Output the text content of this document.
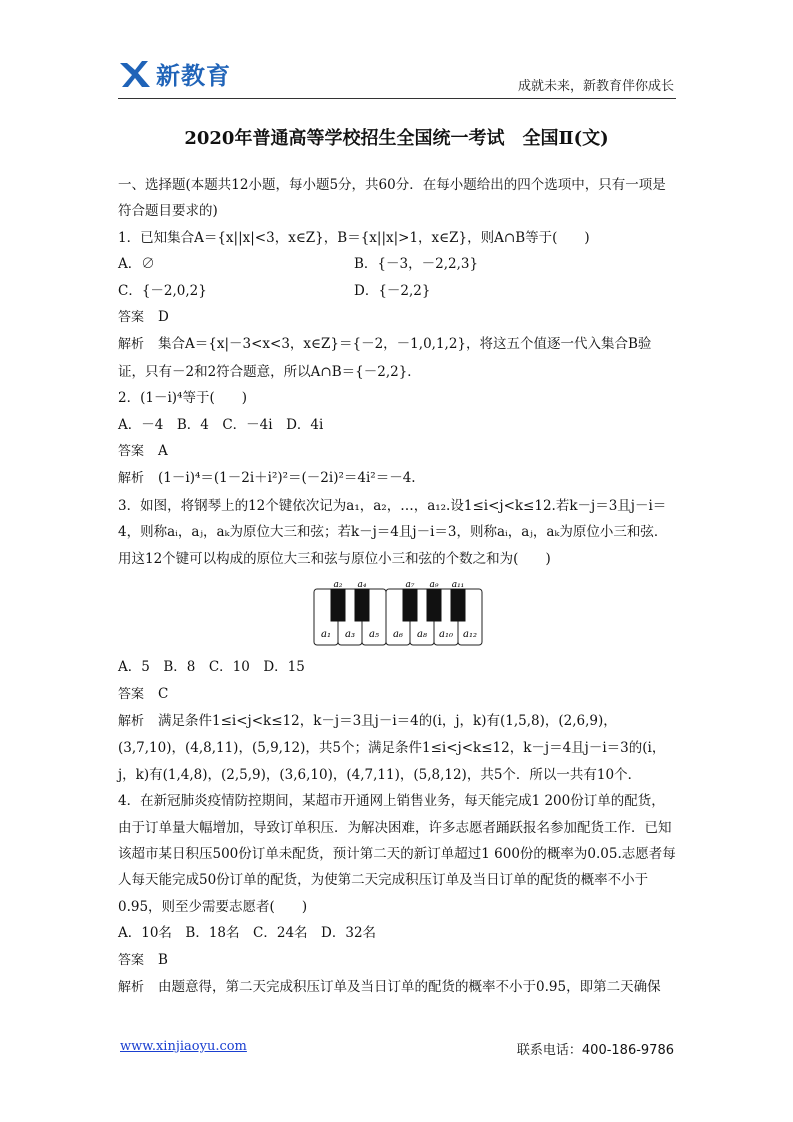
新教育	成就未来，新教育伴你成长
2020年普通高等学校招生全国统一考试　全国Ⅱ(文)

一、选择题(本题共12小题，每小题5分，共60分．在每小题给出的四个选项中，只有一项是符合题目要求的)

1．已知集合A＝{x||x|<3，x∈Z}，B＝{x||x|>1，x∈Z}，则A∩B等于(　　)

A．∅	B．{－3，－2,2,3}
C．{－2,0,2}	D．{－2,2}

答案 D

解析 集合A＝{x|－3<x<3，x∈Z}＝{－2，－1,0,1,2}，将这五个值逐一代入集合B验证，只有－2和2符合题意，所以A∩B＝{－2,2}．

2．(1－i)⁴等于(　　)

A．－4　B．4　C．－4i　D．4i

答案 A

解析 (1－i)⁴＝(1－2i＋i²)²＝(－2i)²＝4i²＝－4.

3．如图，将钢琴上的12个键依次记为a₁，a₂，…，a₁₂.设1≤i<j<k≤12.若k－j＝3且j－i＝4，则称aᵢ，aⱼ，aₖ为原位大三和弦；若k－j＝4且j－i＝3，则称aᵢ，aⱼ，aₖ为原位小三和弦．用这12个键可以构成的原位大三和弦与原位小三和弦的个数之和为(　　)

a₁ a₃ a₅ a₆ a₈ a₁₀ a₁₂
a₂ a₄	a₇ a₉ a₁₁

A．5　B．8　C．10　D．15

答案 C

解析 满足条件1≤i<j<k≤12，k－j＝3且j－i＝4的(i，j，k)有(1,5,8)，(2,6,9)，(3,7,10)，(4,8,11)，(5,9,12)，共5个；满足条件1≤i<j<k≤12，k－j＝4且j－i＝3的(i，j，k)有(1,4,8)，(2,5,9)，(3,6,10)，(4,7,11)，(5,8,12)，共5个．所以一共有10个．

4．在新冠肺炎疫情防控期间，某超市开通网上销售业务，每天能完成1 200份订单的配货，由于订单量大幅增加，导致订单积压．为解决困难，许多志愿者踊跃报名参加配货工作．已知该超市某日积压500份订单未配货，预计第二天的新订单超过1 600份的概率为0.05.志愿者每人每天能完成50份订单的配货，为使第二天完成积压订单及当日订单的配货的概率不小于0.95，则至少需要志愿者(　　)

A．10名　B．18名　C．24名　D．32名

答案 B

解析 由题意得，第二天完成积压订单及当日订单的配货的概率不小于0.95，即第二天确保

www.xinjiaoyu.com	联系电话：400-186-9786
